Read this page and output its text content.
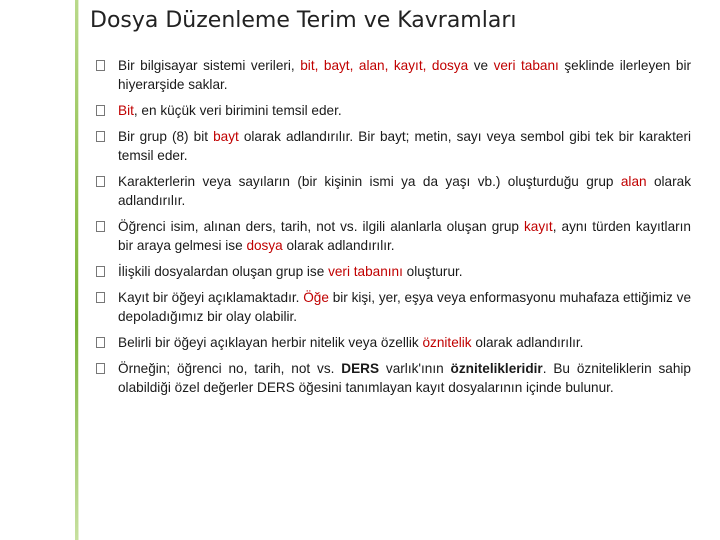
Dosya Düzenleme Terim ve Kavramları
Bir bilgisayar sistemi verileri, bit, bayt, alan, kayıt, dosya ve veri tabanı şeklinde ilerleyen bir hiyerarşide saklar.
Bit, en küçük veri birimini temsil eder.
Bir grup (8) bit bayt olarak adlandırılır. Bir bayt; metin, sayı veya sembol gibi tek bir karakteri temsil eder.
Karakterlerin veya sayıların (bir kişinin ismi ya da yaşı vb.) oluşturduğu grup alan olarak adlandırılır.
Öğrenci isim, alınan ders, tarih, not vs. ilgili alanlarla oluşan grup kayıt, aynı türden kayıtların bir araya gelmesi ise dosya olarak adlandırılır.
İlişkili dosyalardan oluşan grup ise veri tabanını oluşturur.
Kayıt bir öğeyi açıklamaktadır. Öğe bir kişi, yer, eşya veya enformasyonu muhafaza ettiğimiz ve depoladığımız bir olay olabilir.
Belirli bir öğeyi açıklayan herbir nitelik veya özellik öznitelik olarak adlandırılır.
Örneğin; öğrenci no, tarih, not vs. DERS varlık'ının öznitelikleridir. Bu özniteliklerin sahip olabildiği özel değerler DERS öğesini tanımlayan kayıt dosyalarının içinde bulunur.
